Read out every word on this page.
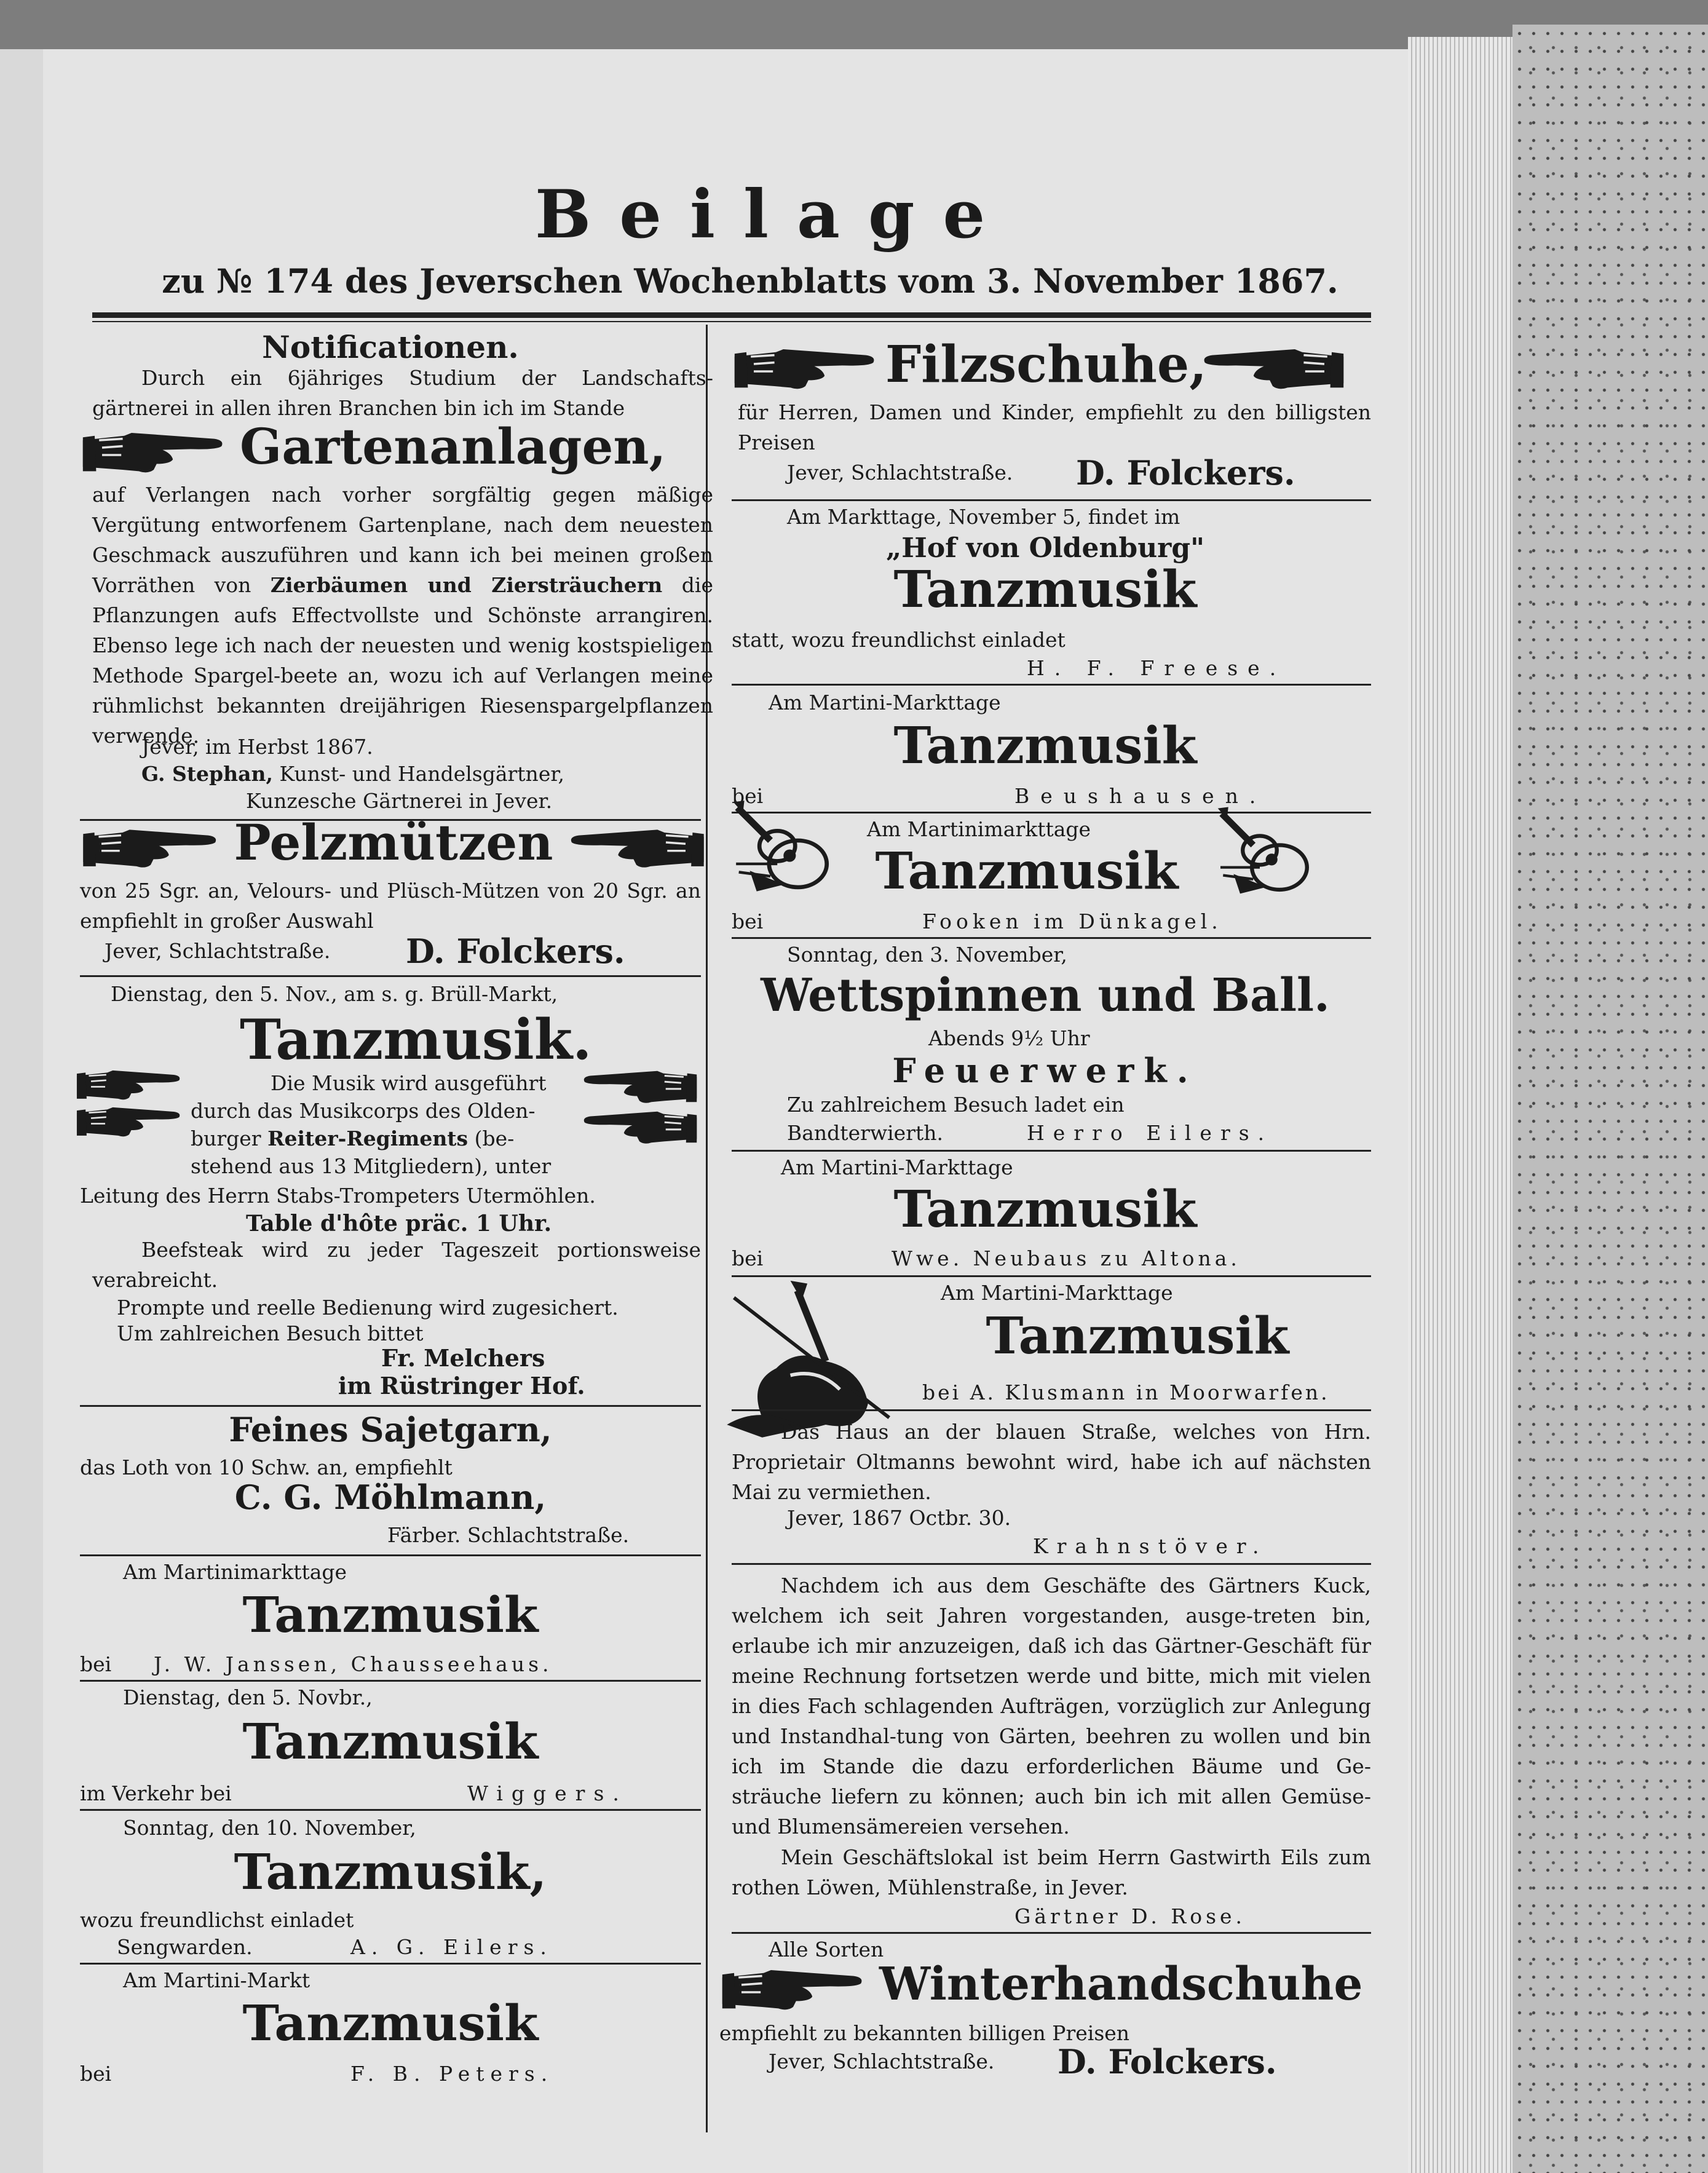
Beilage
zu № 174 des Jeverschen Wochenblatts vom 3. November 1867.
Notificationen.
Durch ein 6jähriges Studium der Landschafts-gärtnerei in allen ihren Branchen bin ich im Stande
Gartenanlagen,
auf Verlangen nach vorher sorgfältig gegen mäßige Vergütung entworfenem Gartenplane, nach dem neuesten Geschmack auszuführen und kann ich bei meinen großen Vorräthen von Zierbäumen und Ziersträuchern die Pflanzungen aufs Effectvollste und Schönste arrangiren. Ebenso lege ich nach der neuesten und wenig kostspieligen Methode Spargel-beete an, wozu ich auf Verlangen meine rühmlichst bekannten dreijährigen Riesenspargelpflanzen verwende.
Jever, im Herbst 1867.
G. Stephan, Kunst- und Handelsgärtner,
Kunzesche Gärtnerei in Jever.
Pelzmützen
von 25 Sgr. an, Velours- und Plüsch-Mützen von 20 Sgr. an empfiehlt in großer Auswahl
Jever, Schlachtstraße. D. Folckers.
Dienstag, den 5. Nov., am s. g. Brüll-Markt,
Tanzmusik.
Die Musik wird ausgeführt
durch das Musikcorps des Olden-
burger Reiter-Regiments (be-
stehend aus 13 Mitgliedern), unter
Leitung des Herrn Stabs-Trompeters Utermöhlen.
Table d'hôte präc. 1 Uhr.
Beefsteak wird zu jeder Tageszeit portionsweise verabreicht.
Prompte und reelle Bedienung wird zugesichert.
Um zahlreichen Besuch bittet
Fr. Melchers
im Rüstringer Hof.
Feines Sajetgarn,
das Loth von 10 Schw. an, empfiehlt
C. G. Möhlmann,
Färber. Schlachtstraße.
Am Martinimarkttage
Tanzmusik
bei J. W. Janssen, Chausseehaus.
Dienstag, den 5. Novbr.,
Tanzmusik
im Verkehr bei	Wiggers.
Sonntag, den 10. November,
Tanzmusik,
wozu freundlichst einladet
Sengwarden.	A. G. Eilers.
Am Martini-Markt
Tanzmusik
bei	F. B. Peters.
Filzschuhe,
für Herren, Damen und Kinder, empfiehlt zu den billigsten Preisen
Jever, Schlachtstraße. D. Folckers.
Am Markttage, November 5, findet im
„Hof von Oldenburg"
Tanzmusik
statt, wozu freundlichst einladet
H. F. Freese.
Am Martini-Markttage
Tanzmusik
bei	Beushausen.
Am Martinimarkttage
Tanzmusik
bei	Fooken im Dünkagel.
Sonntag, den 3. November,
Wettspinnen und Ball.
Abends 9½ Uhr
Feuerwerk.
Zu zahlreichem Besuch ladet ein
Bandterwierth.	Herro Eilers.
Am Martini-Markttage
Tanzmusik
bei	Wwe. Neubaus zu Altona.
Am Martini-Markttage
Tanzmusik
bei A. Klusmann in Moorwarfen.
Das Haus an der blauen Straße, welches von Hrn. Proprietair Oltmanns bewohnt wird, habe ich auf nächsten Mai zu vermiethen.
Jever, 1867 Octbr. 30.
Krahnstöver.
Nachdem ich aus dem Geschäfte des Gärtners Kuck, welchem ich seit Jahren vorgestanden, ausge-treten bin, erlaube ich mir anzuzeigen, daß ich das Gärtner-Geschäft für meine Rechnung fortsetzen werde und bitte, mich mit vielen in dies Fach schlagenden Aufträgen, vorzüglich zur Anlegung und Instandhal-tung von Gärten, beehren zu wollen und bin ich im Stande die dazu erforderlichen Bäume und Ge-sträuche liefern zu können; auch bin ich mit allen Gemüse- und Blumensämereien versehen.
Mein Geschäftslokal ist beim Herrn Gastwirth Eils zum rothen Löwen, Mühlenstraße, in Jever.
Gärtner D. Rose.
Alle Sorten
Winterhandschuhe
empfiehlt zu bekannten billigen Preisen
Jever, Schlachtstraße. D. Folckers.
